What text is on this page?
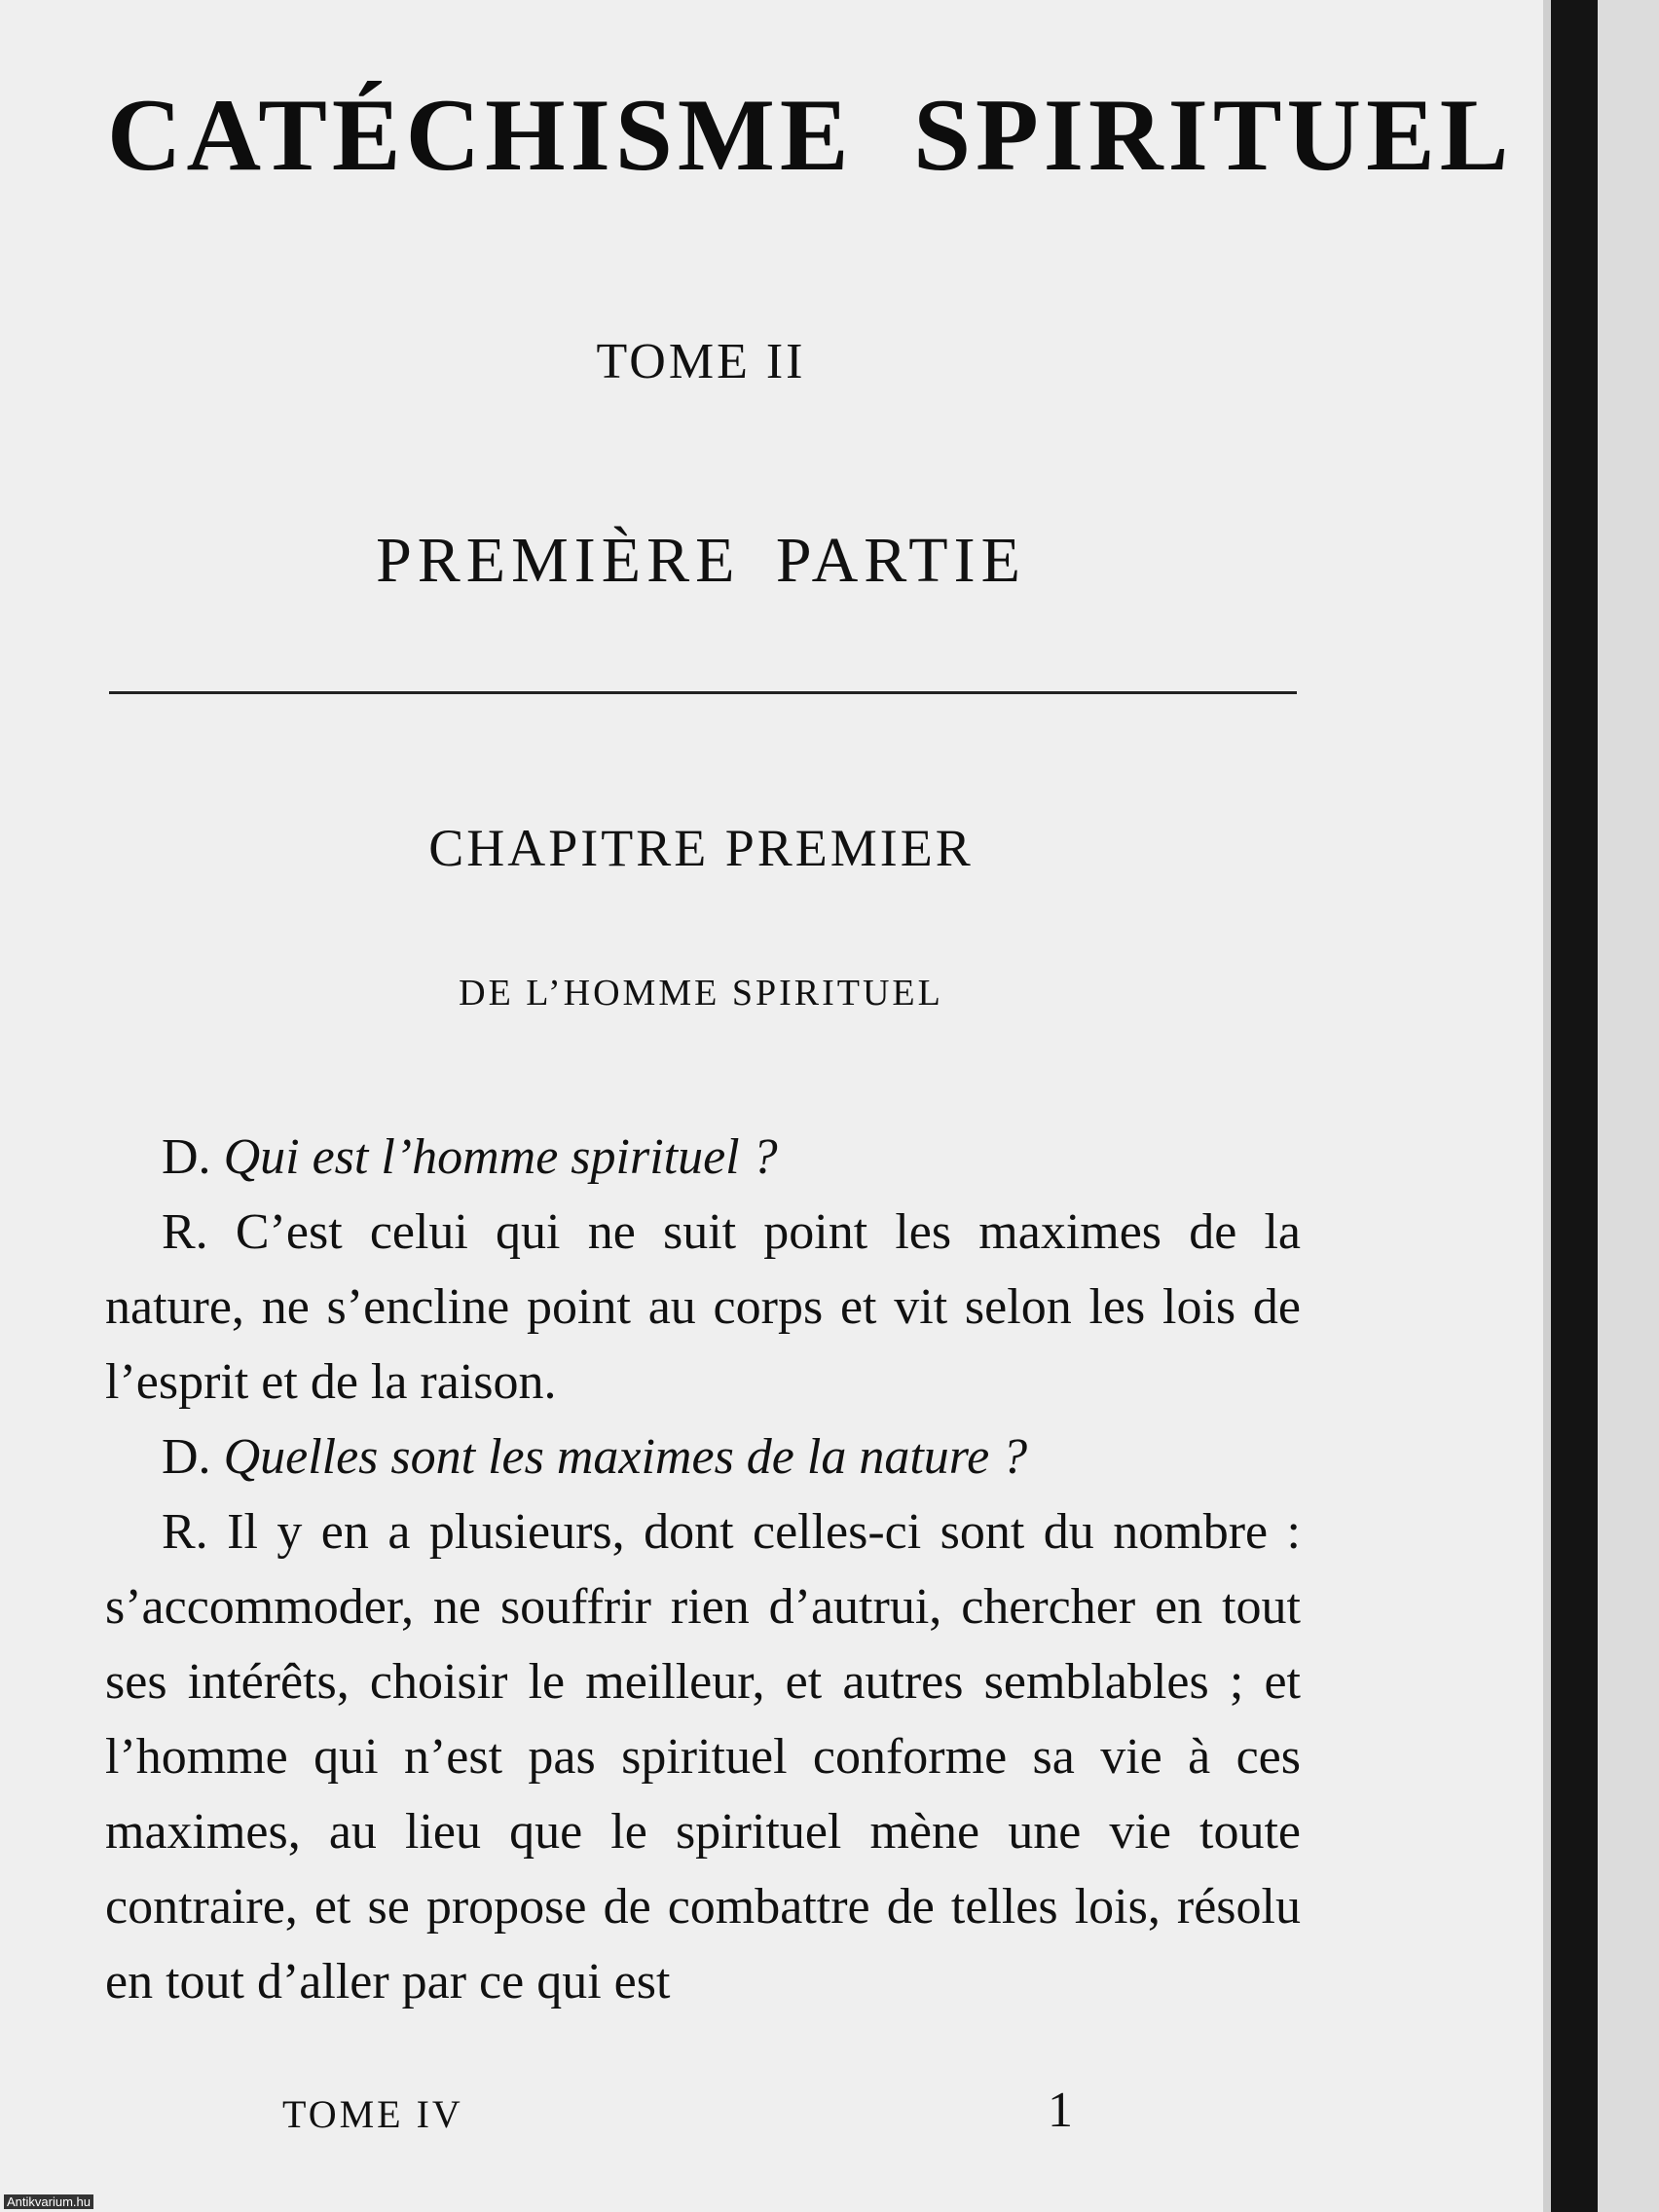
CATÉCHISME SPIRITUEL
TOME II
PREMIÈRE PARTIE
CHAPITRE PREMIER
DE L’HOMME SPIRITUEL

D. Qui est l’homme spirituel ?

R. C’est celui qui ne suit point les maximes de la nature, ne s’encline point au corps et vit selon les lois de l’esprit et de la raison.

D. Quelles sont les maximes de la nature ?

R. Il y en a plusieurs, dont celles-ci sont du nombre : s’accommoder, ne souffrir rien d’autrui, chercher en tout ses intérêts, choisir le meilleur, et autres semblables ; et l’homme qui n’est pas spirituel conforme sa vie à ces maximes, au lieu que le spirituel mène une vie toute contraire, et se propose de combattre de telles lois, résolu en tout d’aller par ce qui est

TOME IV	1
Antikvarium.hu
